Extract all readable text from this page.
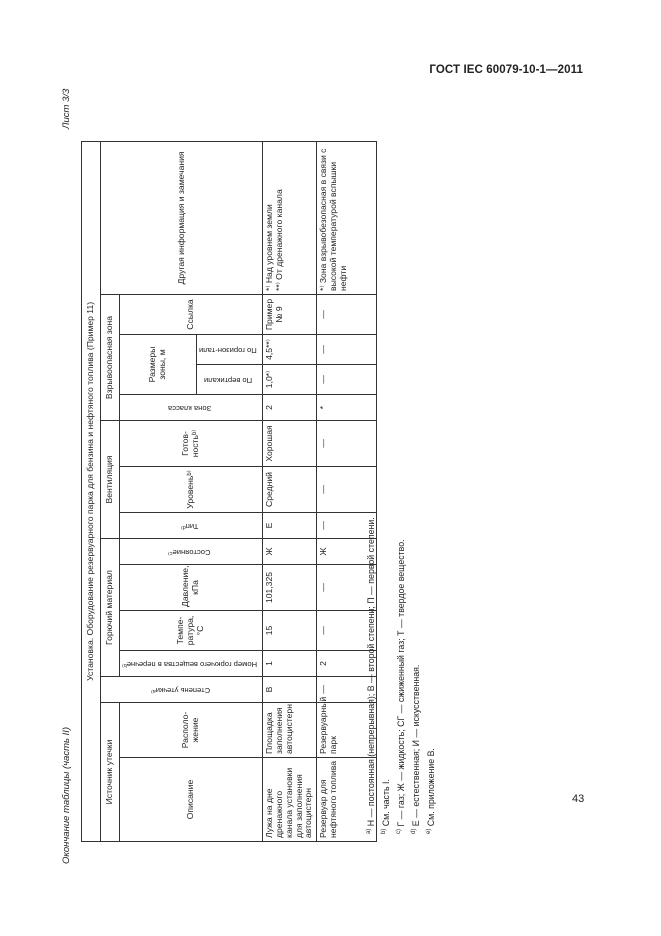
ГОСТ IEC 60079-10-1—2011
43
Окончание таблицы (часть II)
Лист 3/3
Установка. Оборудование резервуарного парка для бензина и нефтяного топлива (Пример 11)														
Источник утечки		Степень утечкиᵃ⁾	Горючий материал				Вентиляция			Взрывоопасная зона				Другая информация и замечания
Описание	Располо-жение		Номер горючего вещества в перечнеᵇ⁾	Темпе-ратура, °С	Давление, кПа	Состояниеᶜ⁾	Типᵈ⁾	Уровеньᵇ⁾	Готов-ностьᵇ⁾	Зона класса	Размеры зоны, м		Ссылка	
											По вертикали	По горизон-тали		
Лужа на дне дренажного канала установки для заполнения автоцистерн	Площадка заполнения автоцистерн	В	1	15	101,325	Ж	Е	Средний	Хорошая	2	1,0*⁾	4,5**⁾	Пример № 9	*⁾ Над уровнем земли
**⁾ От дренажного канала
Резервуар для нефтяного топлива	Резервуарный парк	—	2	—	—	Ж	—	—	—	*	—	—	—	*⁾ Зона взрывобезопасная в связи с высокой температурой вспышки нефти
$^{a)}$ Н — постоянная (непрерывная); В — второй степени; П — первой степени.
$^{b)}$ См. часть I.
$^{c)}$ Г — газ; Ж — жидкость; СГ — сжиженный газ; Т — твердое вещество.
$^{d)}$ Е — естественная; И — искусственная.
$^{e)}$ См. приложение В.
